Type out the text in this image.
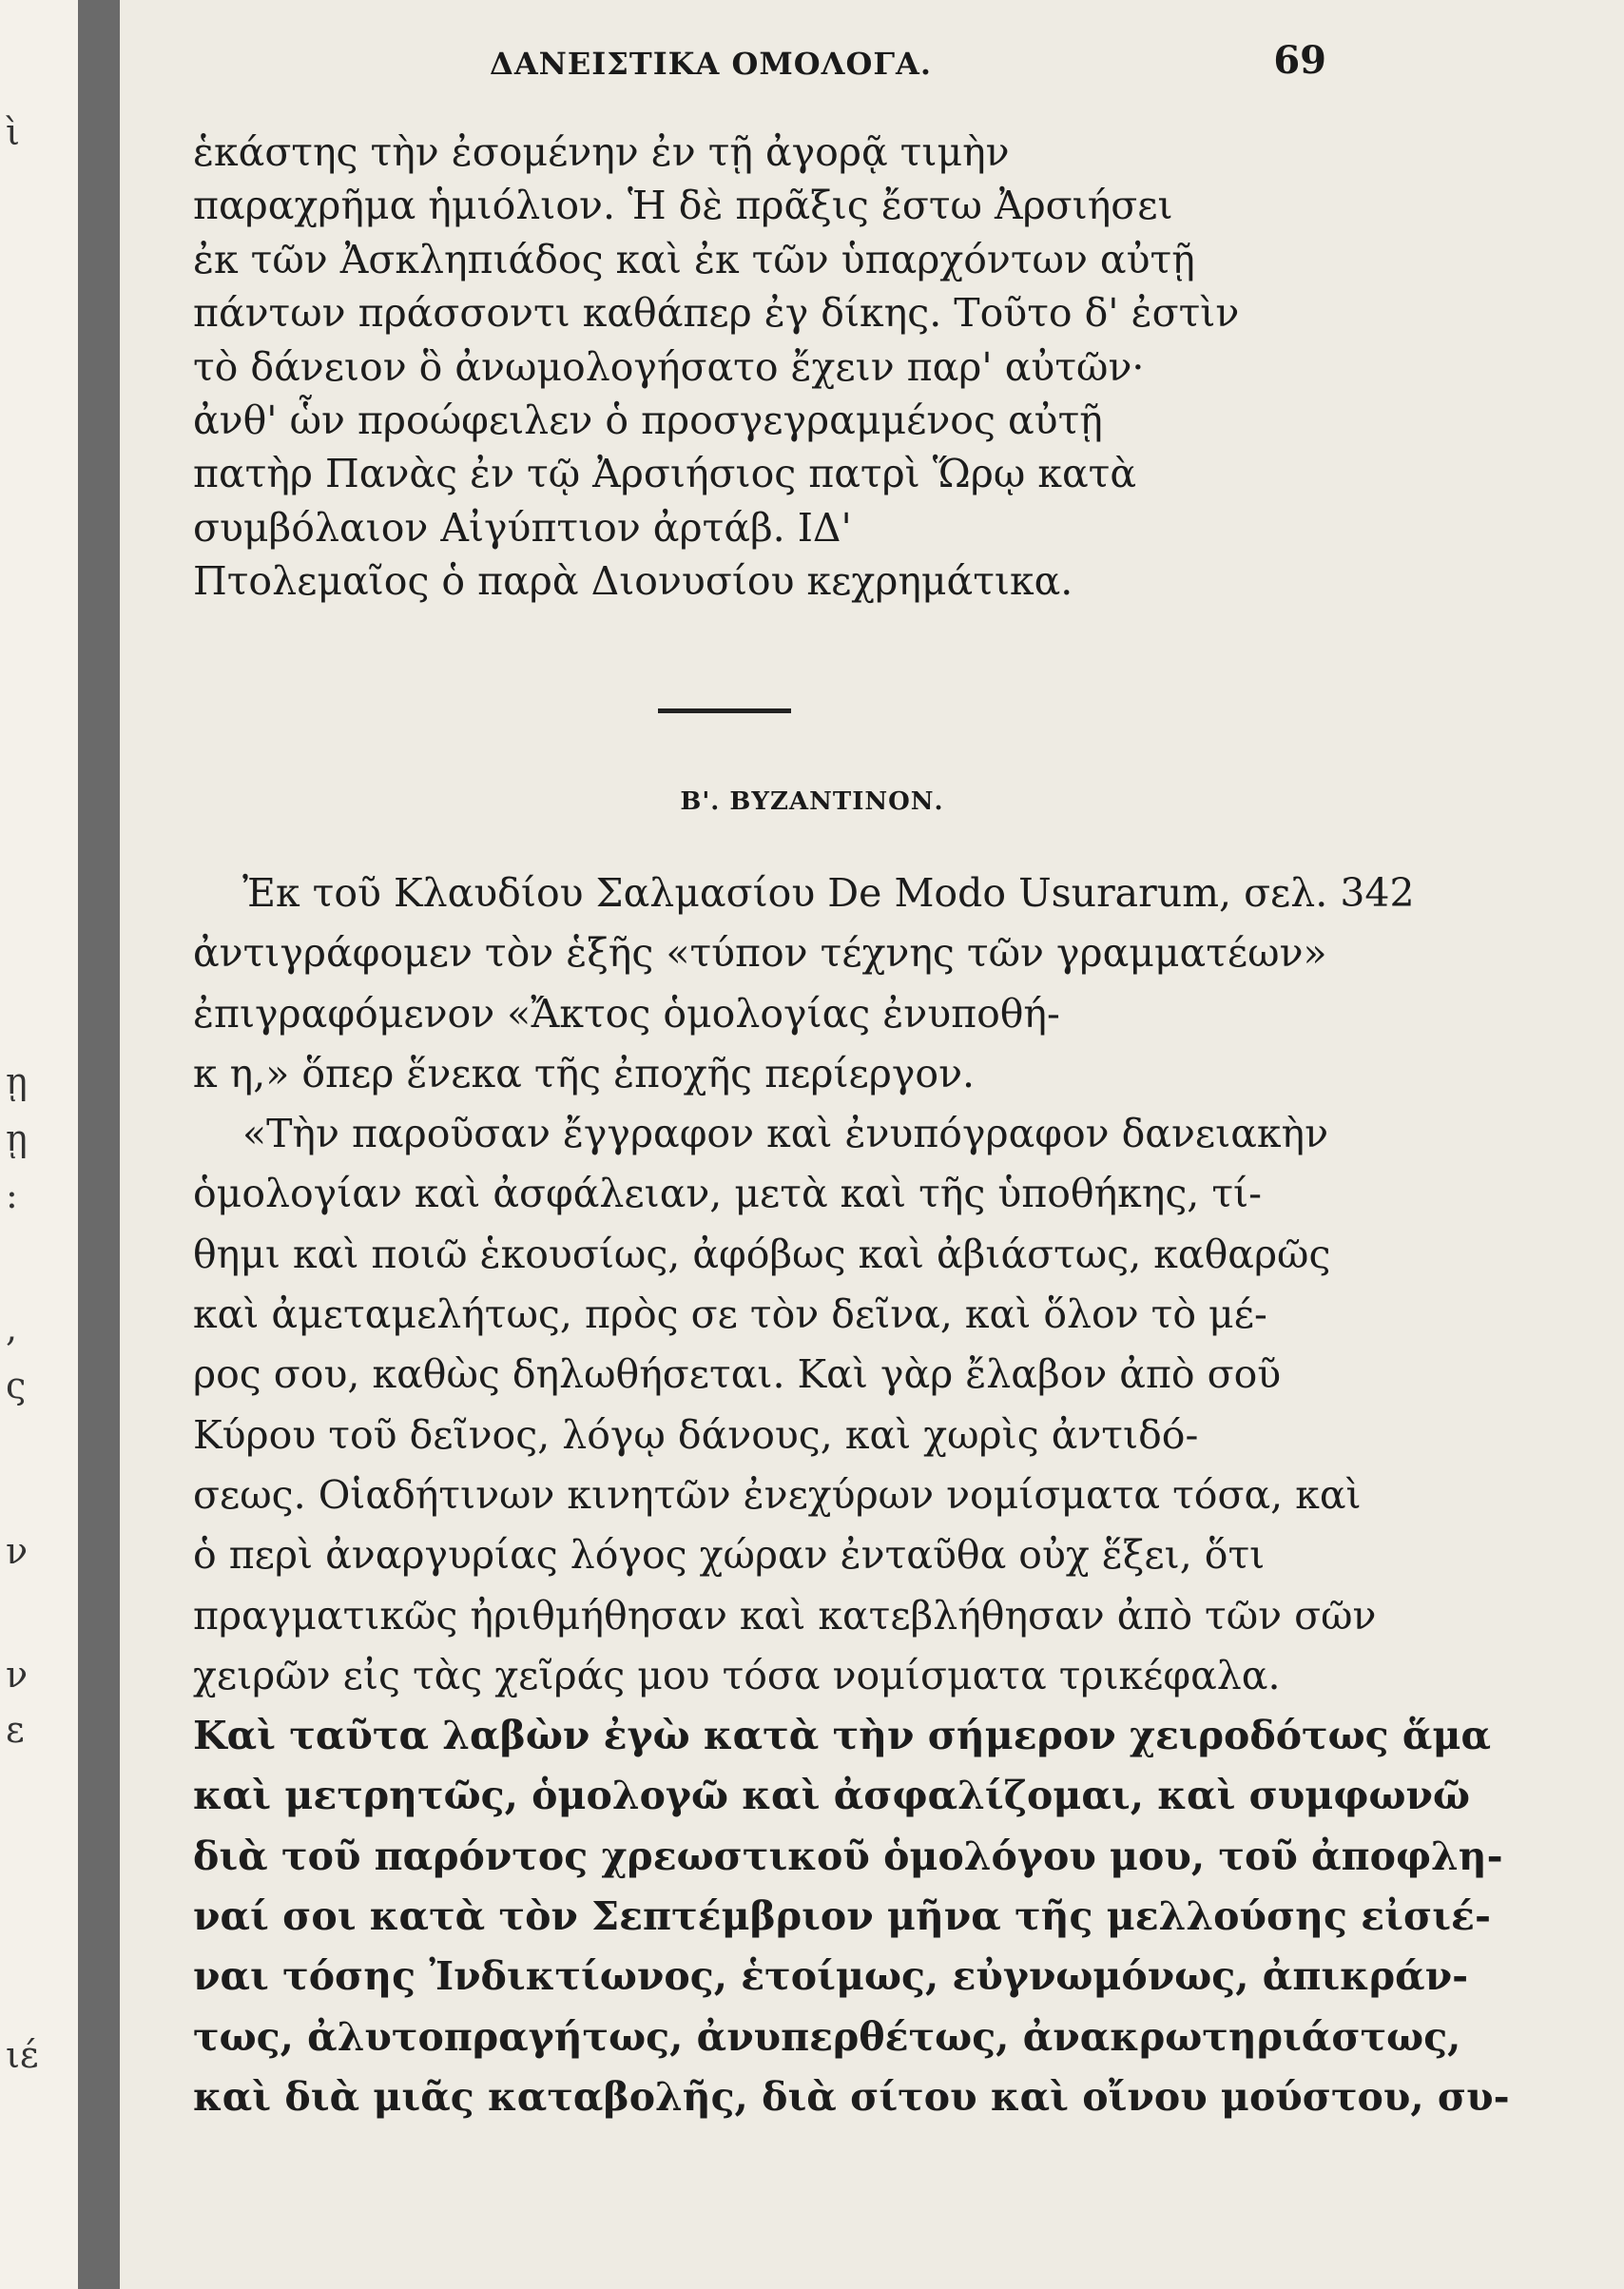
ὶ
ῃ
ῃ
:
,
ς
ν
ν
ε
ιέ
ΔΑΝΕΙΣΤΙΚΑ ΟΜΟΛΟΓΑ.	69
ἑκάστης τὴν ἐσομένην ἐν τῇ ἀγορᾷ τιμὴν
παραχρῆμα ἡμιόλιον. Ἡ δὲ πρᾶξις ἔστω Ἀρσιήσει
ἐκ τῶν Ἀσκληπιάδος καὶ ἐκ τῶν ὑπαρχόντων αὐτῇ
πάντων πράσσοντι καθάπερ ἐγ δίκης. Τοῦτο δ' ἐστὶν
τὸ δάνειον ὃ ἀνωμολογήσατο ἔχειν παρ' αὐτῶν·
ἀνθ' ὧν προώφειλεν ὁ προσγεγραμμένος αὐτῇ
πατὴρ Πανὰς ἐν τῷ Ἀρσιήσιος πατρὶ Ὥρῳ κατὰ
συμβόλαιον Αἰγύπτιον ἀρτάβ. ΙΔ'
Πτολεμαῖος ὁ παρὰ Διονυσίου κεχρημάτικα.
Β'. ΒΥΖΑΝΤΙΝΟΝ.
Ἐκ τοῦ Κλαυδίου Σαλμασίου De Modo Usurarum, σελ. 342
ἀντιγράφομεν τὸν ἑξῆς «τύπον τέχνης τῶν γραμματέων»
ἐπιγραφόμενον «Ἄκτος ὁμολογίας ἐνυποθή-
κ η,» ὅπερ ἕνεκα τῆς ἐποχῆς περίεργον.
«Τὴν παροῦσαν ἔγγραφον καὶ ἐνυπόγραφον δανειακὴν
ὁμολογίαν καὶ ἀσφάλειαν, μετὰ καὶ τῆς ὑποθήκης, τί-
θημι καὶ ποιῶ ἑκουσίως, ἀφόβως καὶ ἀβιάστως, καθαρῶς
καὶ ἀμεταμελήτως, πρὸς σε τὸν δεῖνα, καὶ ὅλον τὸ μέ-
ρος σου, καθὼς δηλωθήσεται. Καὶ γὰρ ἔλαβον ἀπὸ σοῦ
Κύρου τοῦ δεῖνος, λόγῳ δάνους, καὶ χωρὶς ἀντιδό-
σεως. Οἱαδήτινων κινητῶν ἐνεχύρων νομίσματα τόσα, καὶ
ὁ περὶ ἀναργυρίας λόγος χώραν ἐνταῦθα οὐχ ἕξει, ὅτι
πραγματικῶς ἠριθμήθησαν καὶ κατεβλήθησαν ἀπὸ τῶν σῶν
χειρῶν εἰς τὰς χεῖράς μου τόσα νομίσματα τρικέφαλα.
Καὶ ταῦτα λαβὼν ἐγὼ κατὰ τὴν σήμερον χειροδότως ἅμα
καὶ μετρητῶς, ὁμολογῶ καὶ ἀσφαλίζομαι, καὶ συμφωνῶ
διὰ τοῦ παρόντος χρεωστικοῦ ὁμολόγου μου, τοῦ ἀποφλη-
ναί σοι κατὰ τὸν Σεπτέμβριον μῆνα τῆς μελλούσης εἰσιέ-
ναι τόσης Ἰνδικτίωνος, ἑτοίμως, εὐγνωμόνως, ἀπικράν-
τως, ἀλυτοπραγήτως, ἀνυπερθέτως, ἀνακρωτηριάστως,
καὶ διὰ μιᾶς καταβολῆς, διὰ σίτου καὶ οἴνου μούστου, συ-
